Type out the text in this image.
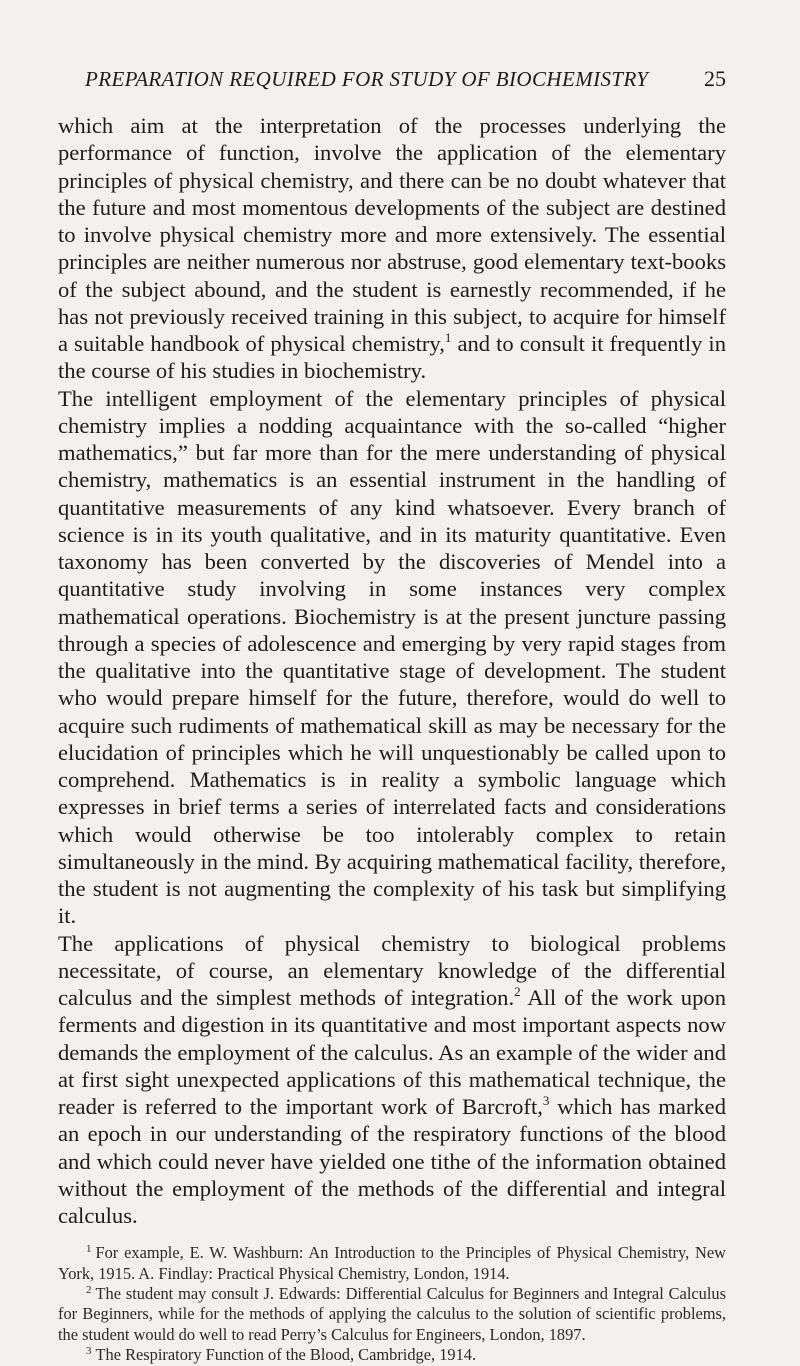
PREPARATION REQUIRED FOR STUDY OF BIOCHEMISTRY	25

which aim at the interpretation of the processes underlying the performance of function, involve the application of the elementary principles of physical chemistry, and there can be no doubt whatever that the future and most momentous developments of the subject are destined to involve physical chemistry more and more extensively. The essential principles are neither numerous nor abstruse, good elementary text-books of the subject abound, and the student is earnestly recommended, if he has not previously received training in this subject, to acquire for himself a suitable handbook of physical chemistry,$^1$ and to consult it frequently in the course of his studies in biochemistry.

The intelligent employment of the elementary principles of physical chemistry implies a nodding acquaintance with the so-called “higher mathematics,” but far more than for the mere understanding of physical chemistry, mathematics is an essential instrument in the handling of quantitative measurements of any kind whatsoever. Every branch of science is in its youth qualitative, and in its maturity quantitative. Even taxonomy has been converted by the discoveries of Mendel into a quantitative study involving in some instances very complex mathematical operations. Biochemistry is at the present juncture passing through a species of adolescence and emerging by very rapid stages from the qualitative into the quantitative stage of development. The student who would prepare himself for the future, therefore, would do well to acquire such rudiments of mathematical skill as may be necessary for the elucidation of principles which he will unquestionably be called upon to comprehend. Mathematics is in reality a symbolic language which expresses in brief terms a series of interrelated facts and considerations which would otherwise be too intolerably complex to retain simultaneously in the mind. By acquiring mathematical facility, therefore, the student is not augmenting the complexity of his task but simplifying it.

The applications of physical chemistry to biological problems necessitate, of course, an elementary knowledge of the differential calculus and the simplest methods of integration.$^2$ All of the work upon ferments and digestion in its quantitative and most important aspects now demands the employment of the calculus. As an example of the wider and at first sight unexpected applications of this mathematical technique, the reader is referred to the important work of Barcroft,$^3$ which has marked an epoch in our understanding of the respiratory functions of the blood and which could never have yielded one tithe of the information obtained without the employment of the methods of the differential and integral calculus.

$^1$ For example, E. W. Washburn: An Introduction to the Principles of Physical Chemistry, New York, 1915. A. Findlay: Practical Physical Chemistry, London, 1914.

$^2$ The student may consult J. Edwards: Differential Calculus for Beginners and Integral Calculus for Beginners, while for the methods of applying the calculus to the solution of scientific problems, the student would do well to read Perry’s Calculus for Engineers, London, 1897.

$^3$ The Respiratory Function of the Blood, Cambridge, 1914.
